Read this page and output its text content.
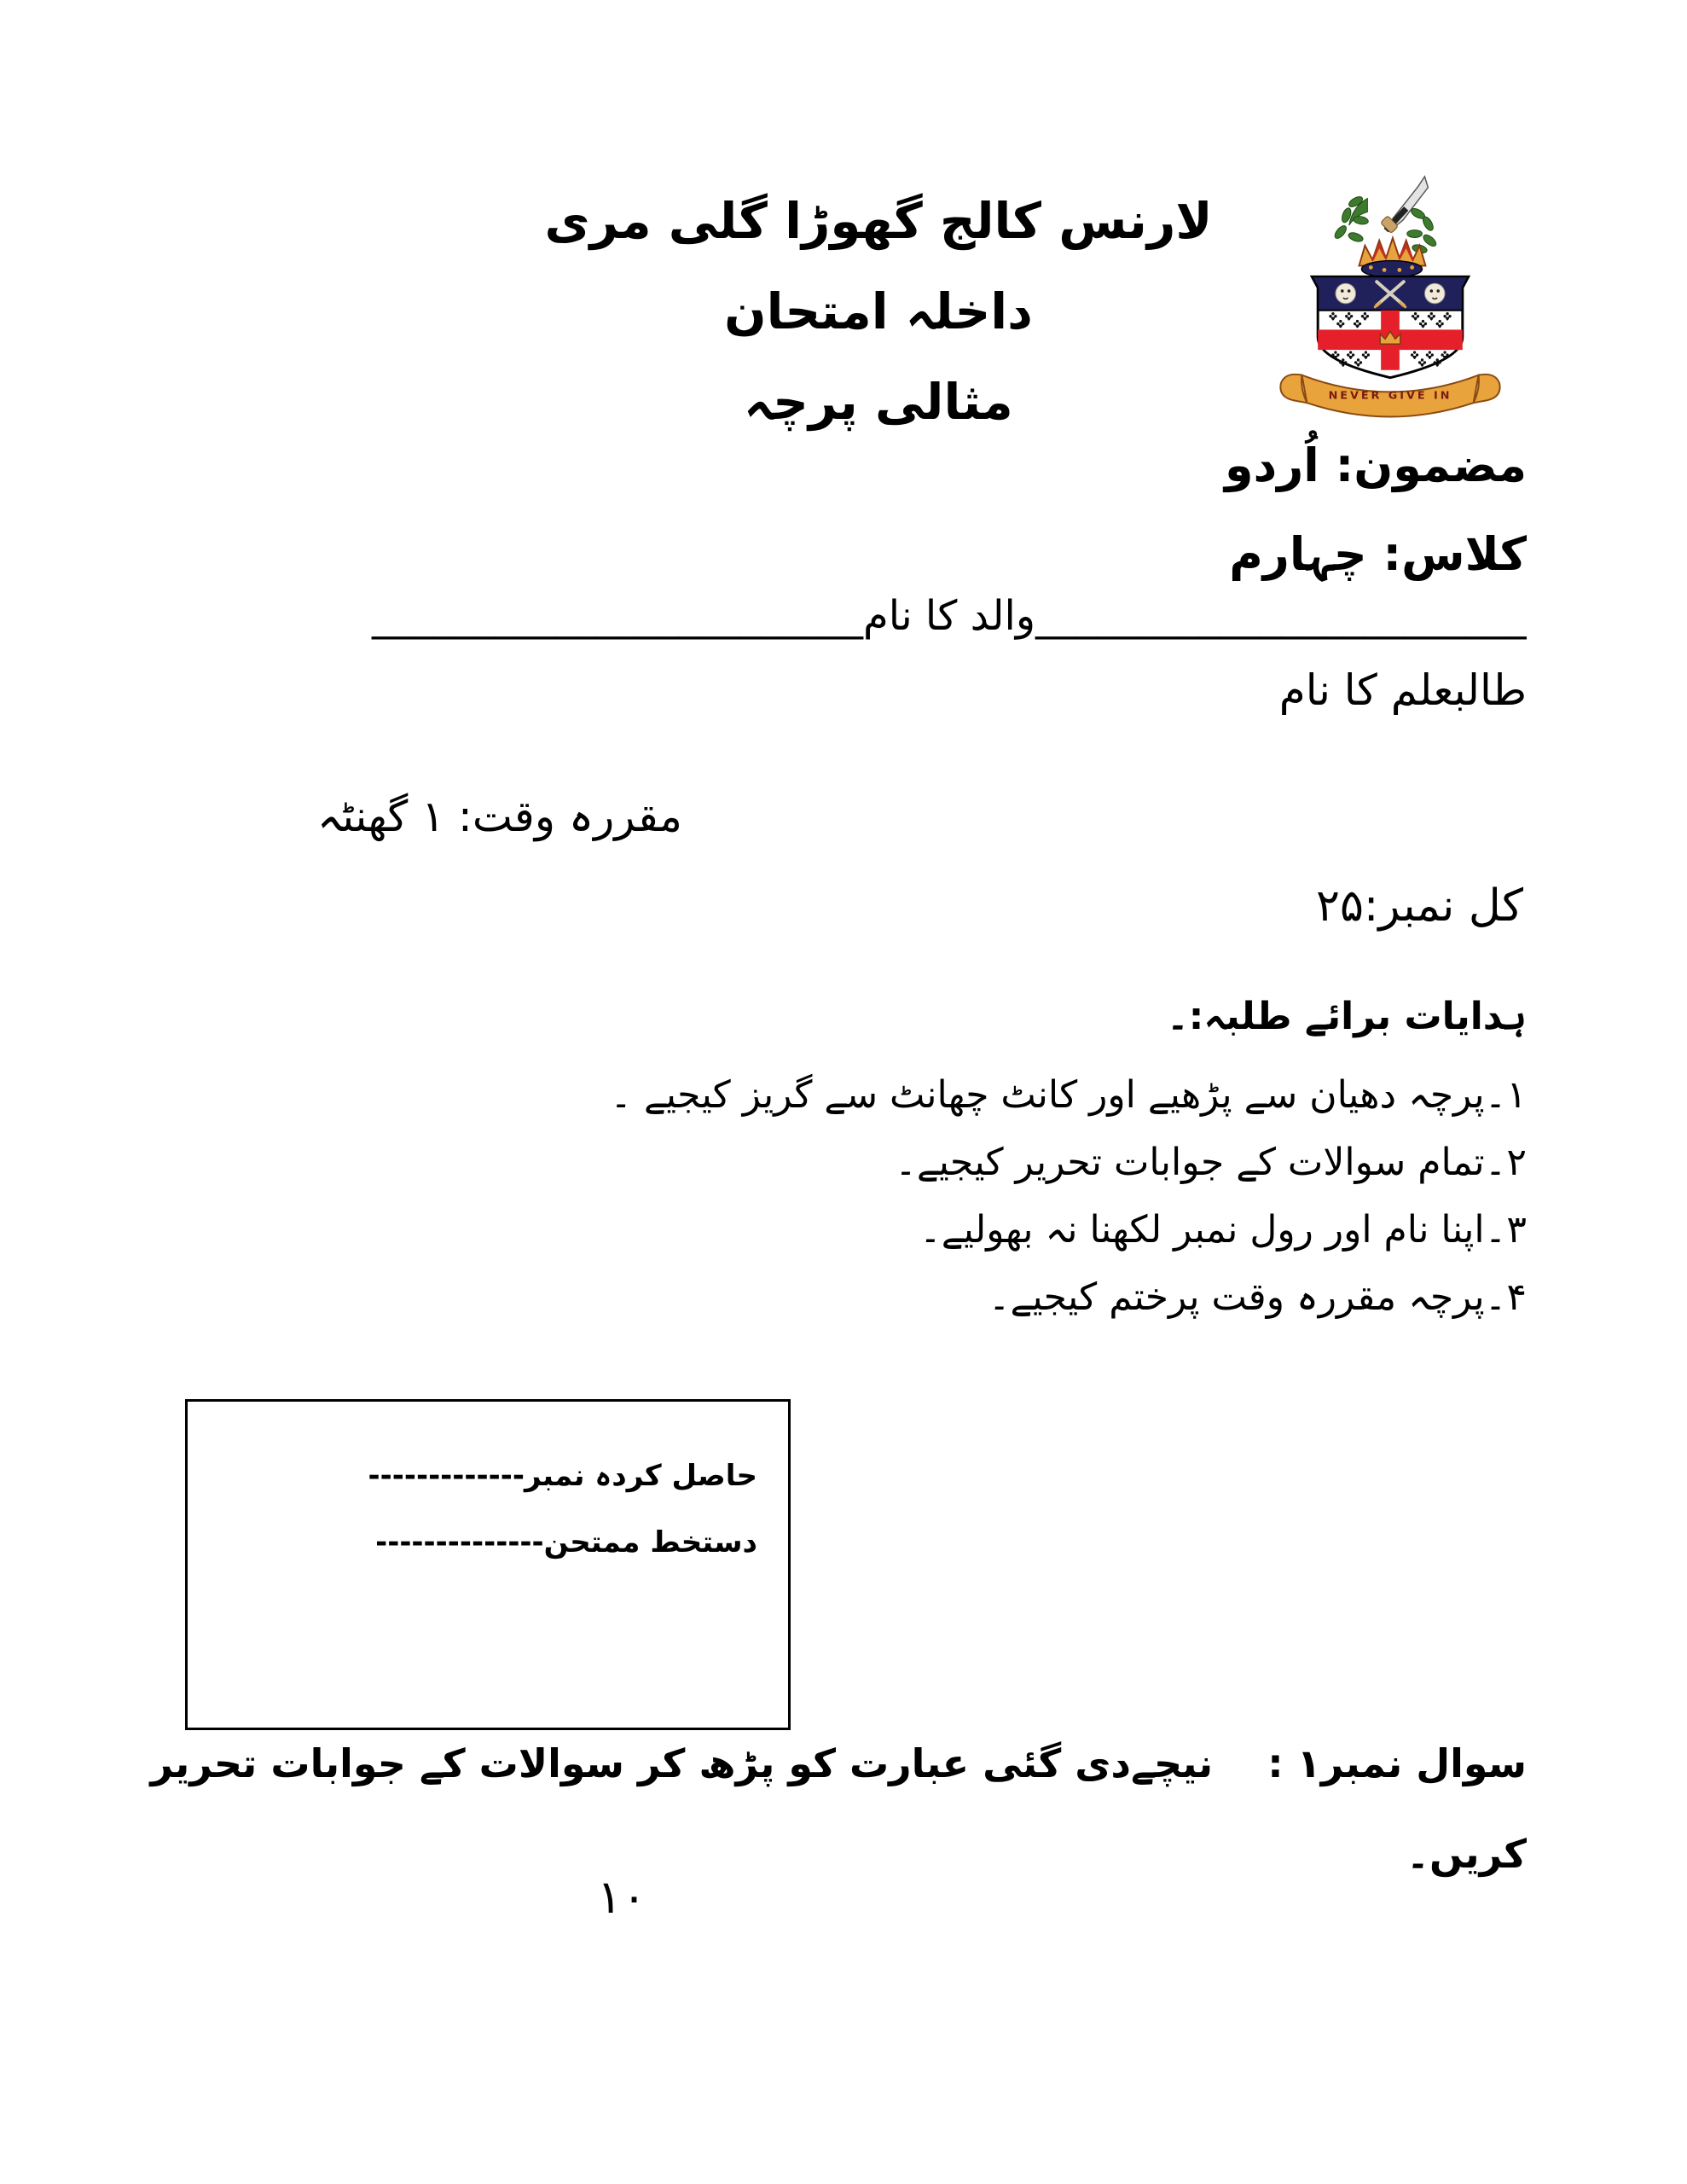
لارنس کالج گھوڑا گلی مری
داخلہ امتحان
مثالی پرچہ	NEVER GIVE IN
مضمون: اُردو
کلاس: چہارم
________________________والد کا نام________________________
طالبعلم کا نام
مقررہ وقت: ۱ گھنٹہ
کل نمبر:۲۵
ہدایات برائے طلبہ:۔
۱۔پرچہ دھیان سے پڑھیے اور کانٹ چھانٹ سے گریز کیجیے ۔
۲۔تمام سوالات کے جوابات تحریر کیجیے۔
۳۔اپنا نام اور رول نمبر لکھنا نہ بھولیے۔
۴۔پرچہ مقررہ وقت پرختم کیجیے۔
حاصل کردہ نمبر-------------
دستخط ممتحن--------------
سوال نمبر۱ :    نیچےدی گئی عبارت کو پڑھ کر سوالات کے جوابات تحریر
کریں۔
۱۰
